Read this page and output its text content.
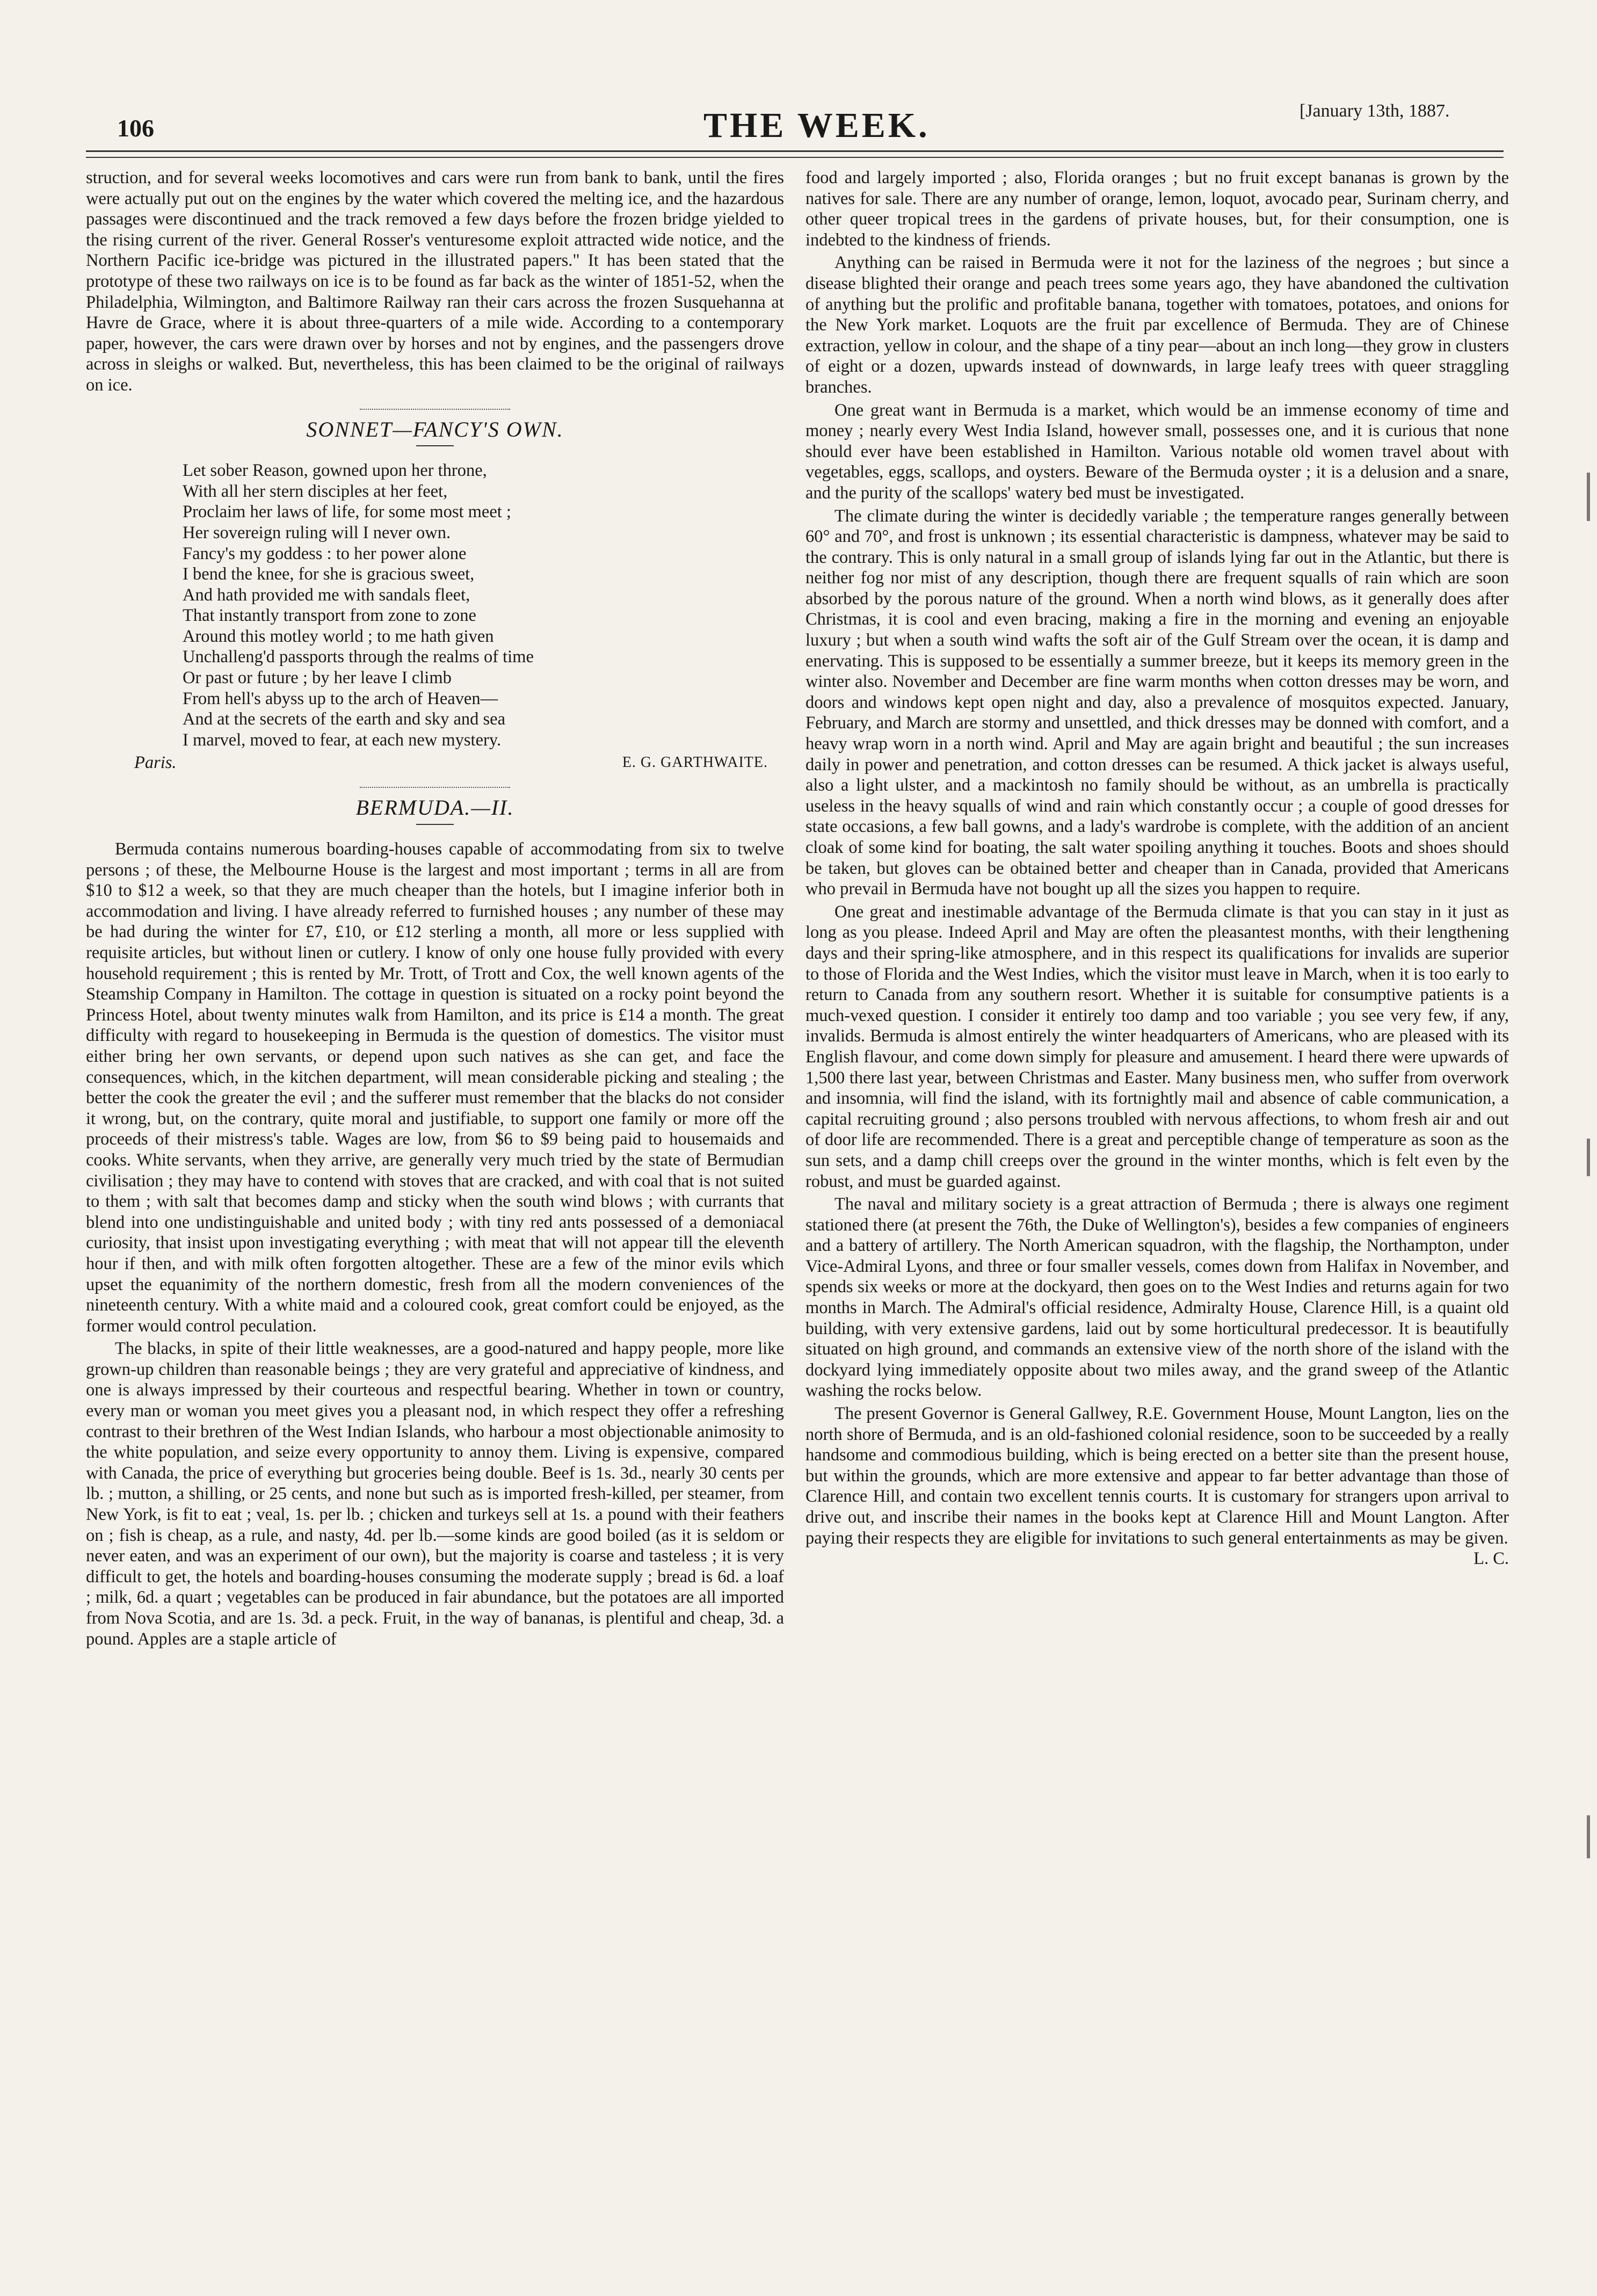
106	THE WEEK.	[January 13th, 1887.

struction, and for several weeks locomotives and cars were run from bank to bank, until the fires were actually put out on the engines by the water which covered the melting ice, and the hazardous passages were discontinued and the track removed a few days before the frozen bridge yielded to the rising current of the river. General Rosser's venturesome exploit attracted wide notice, and the Northern Pacific ice-bridge was pictured in the illustrated papers." It has been stated that the prototype of these two railways on ice is to be found as far back as the winter of 1851-52, when the Philadelphia, Wilmington, and Baltimore Railway ran their cars across the frozen Susquehanna at Havre de Grace, where it is about three-quarters of a mile wide. According to a contemporary paper, however, the cars were drawn over by horses and not by engines, and the passengers drove across in sleighs or walked. But, nevertheless, this has been claimed to be the original of railways on ice.

SONNET—FANCY'S OWN.
Let sober Reason, gowned upon her throne,
With all her stern disciples at her feet,
Proclaim her laws of life, for some most meet ;
Her sovereign ruling will I never own.
Fancy's my goddess : to her power alone
I bend the knee, for she is gracious sweet,
And hath provided me with sandals fleet,
That instantly transport from zone to zone
Around this motley world ; to me hath given
Unchalleng'd passports through the realms of time
Or past or future ; by her leave I climb
From hell's abyss up to the arch of Heaven—
And at the secrets of the earth and sky and sea
I marvel, moved to fear, at each new mystery.
Paris.	E. G. GARTHWAITE.
BERMUDA.—II.

Bermuda contains numerous boarding-houses capable of accommodating from six to twelve persons ; of these, the Melbourne House is the largest and most important ; terms in all are from $10 to $12 a week, so that they are much cheaper than the hotels, but I imagine inferior both in accommodation and living. I have already referred to furnished houses ; any number of these may be had during the winter for £7, £10, or £12 sterling a month, all more or less supplied with requisite articles, but without linen or cutlery. I know of only one house fully provided with every household requirement ; this is rented by Mr. Trott, of Trott and Cox, the well known agents of the Steamship Company in Hamilton. The cottage in question is situated on a rocky point beyond the Princess Hotel, about twenty minutes walk from Hamilton, and its price is £14 a month. The great difficulty with regard to housekeeping in Bermuda is the question of domestics. The visitor must either bring her own servants, or depend upon such natives as she can get, and face the consequences, which, in the kitchen department, will mean considerable picking and stealing ; the better the cook the greater the evil ; and the sufferer must remember that the blacks do not consider it wrong, but, on the contrary, quite moral and justifiable, to support one family or more off the proceeds of their mistress's table. Wages are low, from $6 to $9 being paid to housemaids and cooks. White servants, when they arrive, are generally very much tried by the state of Bermudian civilisation ; they may have to contend with stoves that are cracked, and with coal that is not suited to them ; with salt that becomes damp and sticky when the south wind blows ; with currants that blend into one undistinguishable and united body ; with tiny red ants possessed of a demoniacal curiosity, that insist upon investigating everything ; with meat that will not appear till the eleventh hour if then, and with milk often forgotten altogether. These are a few of the minor evils which upset the equanimity of the northern domestic, fresh from all the modern conveniences of the nineteenth century. With a white maid and a coloured cook, great comfort could be enjoyed, as the former would control peculation.

The blacks, in spite of their little weaknesses, are a good-natured and happy people, more like grown-up children than reasonable beings ; they are very grateful and appreciative of kindness, and one is always impressed by their courteous and respectful bearing. Whether in town or country, every man or woman you meet gives you a pleasant nod, in which respect they offer a refreshing contrast to their brethren of the West Indian Islands, who harbour a most objectionable animosity to the white population, and seize every opportunity to annoy them. Living is expensive, compared with Canada, the price of everything but groceries being double. Beef is 1s. 3d., nearly 30 cents per lb. ; mutton, a shilling, or 25 cents, and none but such as is imported fresh-killed, per steamer, from New York, is fit to eat ; veal, 1s. per lb. ; chicken and turkeys sell at 1s. a pound with their feathers on ; fish is cheap, as a rule, and nasty, 4d. per lb.—some kinds are good boiled (as it is seldom or never eaten, and was an experiment of our own), but the majority is coarse and tasteless ; it is very difficult to get, the hotels and boarding-houses consuming the moderate supply ; bread is 6d. a loaf ; milk, 6d. a quart ; vegetables can be produced in fair abundance, but the potatoes are all imported from Nova Scotia, and are 1s. 3d. a peck. Fruit, in the way of bananas, is plentiful and cheap, 3d. a pound. Apples are a staple article of

food and largely imported ; also, Florida oranges ; but no fruit except bananas is grown by the natives for sale. There are any number of orange, lemon, loquot, avocado pear, Surinam cherry, and other queer tropical trees in the gardens of private houses, but, for their consumption, one is indebted to the kindness of friends.

Anything can be raised in Bermuda were it not for the laziness of the negroes ; but since a disease blighted their orange and peach trees some years ago, they have abandoned the cultivation of anything but the prolific and profitable banana, together with tomatoes, potatoes, and onions for the New York market. Loquots are the fruit par excellence of Bermuda. They are of Chinese extraction, yellow in colour, and the shape of a tiny pear—about an inch long—they grow in clusters of eight or a dozen, upwards instead of downwards, in large leafy trees with queer straggling branches.

One great want in Bermuda is a market, which would be an immense economy of time and money ; nearly every West India Island, however small, possesses one, and it is curious that none should ever have been established in Hamilton. Various notable old women travel about with vegetables, eggs, scallops, and oysters. Beware of the Bermuda oyster ; it is a delusion and a snare, and the purity of the scallops' watery bed must be investigated.

The climate during the winter is decidedly variable ; the temperature ranges generally between 60° and 70°, and frost is unknown ; its essential characteristic is dampness, whatever may be said to the contrary. This is only natural in a small group of islands lying far out in the Atlantic, but there is neither fog nor mist of any description, though there are frequent squalls of rain which are soon absorbed by the porous nature of the ground. When a north wind blows, as it generally does after Christmas, it is cool and even bracing, making a fire in the morning and evening an enjoyable luxury ; but when a south wind wafts the soft air of the Gulf Stream over the ocean, it is damp and enervating. This is supposed to be essentially a summer breeze, but it keeps its memory green in the winter also. November and December are fine warm months when cotton dresses may be worn, and doors and windows kept open night and day, also a prevalence of mosquitos expected. January, February, and March are stormy and unsettled, and thick dresses may be donned with comfort, and a heavy wrap worn in a north wind. April and May are again bright and beautiful ; the sun increases daily in power and penetration, and cotton dresses can be resumed. A thick jacket is always useful, also a light ulster, and a mackintosh no family should be without, as an umbrella is practically useless in the heavy squalls of wind and rain which constantly occur ; a couple of good dresses for state occasions, a few ball gowns, and a lady's wardrobe is complete, with the addition of an ancient cloak of some kind for boating, the salt water spoiling anything it touches. Boots and shoes should be taken, but gloves can be obtained better and cheaper than in Canada, provided that Americans who prevail in Bermuda have not bought up all the sizes you happen to require.

One great and inestimable advantage of the Bermuda climate is that you can stay in it just as long as you please. Indeed April and May are often the pleasantest months, with their lengthening days and their spring-like atmosphere, and in this respect its qualifications for invalids are superior to those of Florida and the West Indies, which the visitor must leave in March, when it is too early to return to Canada from any southern resort. Whether it is suitable for consumptive patients is a much-vexed question. I consider it entirely too damp and too variable ; you see very few, if any, invalids. Bermuda is almost entirely the winter headquarters of Americans, who are pleased with its English flavour, and come down simply for pleasure and amusement. I heard there were upwards of 1,500 there last year, between Christmas and Easter. Many business men, who suffer from overwork and insomnia, will find the island, with its fortnightly mail and absence of cable communication, a capital recruiting ground ; also persons troubled with nervous affections, to whom fresh air and out of door life are recommended. There is a great and perceptible change of temperature as soon as the sun sets, and a damp chill creeps over the ground in the winter months, which is felt even by the robust, and must be guarded against.

The naval and military society is a great attraction of Bermuda ; there is always one regiment stationed there (at present the 76th, the Duke of Wellington's), besides a few companies of engineers and a battery of artillery. The North American squadron, with the flagship, the Northampton, under Vice-Admiral Lyons, and three or four smaller vessels, comes down from Halifax in November, and spends six weeks or more at the dockyard, then goes on to the West Indies and returns again for two months in March. The Admiral's official residence, Admiralty House, Clarence Hill, is a quaint old building, with very extensive gardens, laid out by some horticultural predecessor. It is beautifully situated on high ground, and commands an extensive view of the north shore of the island with the dockyard lying immediately opposite about two miles away, and the grand sweep of the Atlantic washing the rocks below.

The present Governor is General Gallwey, R.E. Government House, Mount Langton, lies on the north shore of Bermuda, and is an old-fashioned colonial residence, soon to be succeeded by a really handsome and commodious building, which is being erected on a better site than the present house, but within the grounds, which are more extensive and appear to far better advantage than those of Clarence Hill, and contain two excellent tennis courts. It is customary for strangers upon arrival to drive out, and inscribe their names in the books kept at Clarence Hill and Mount Langton. After paying their respects they are eligible for invitations to such general entertainments as may be given.
L. C.
